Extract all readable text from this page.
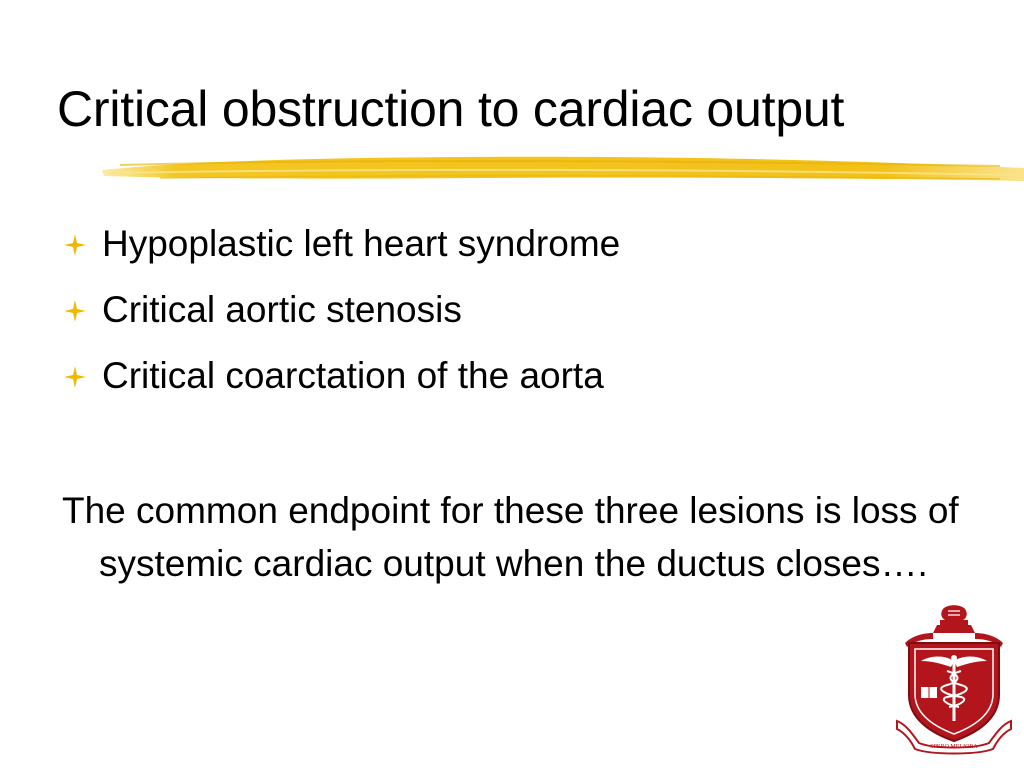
Critical obstruction to cardiac output
Hypoplastic left heart syndrome
Critical aortic stenosis
Critical coarctation of the aorta

The common endpoint for these three lesions is loss of systemic cardiac output when the ductus closes….

SPERO MELIORA
